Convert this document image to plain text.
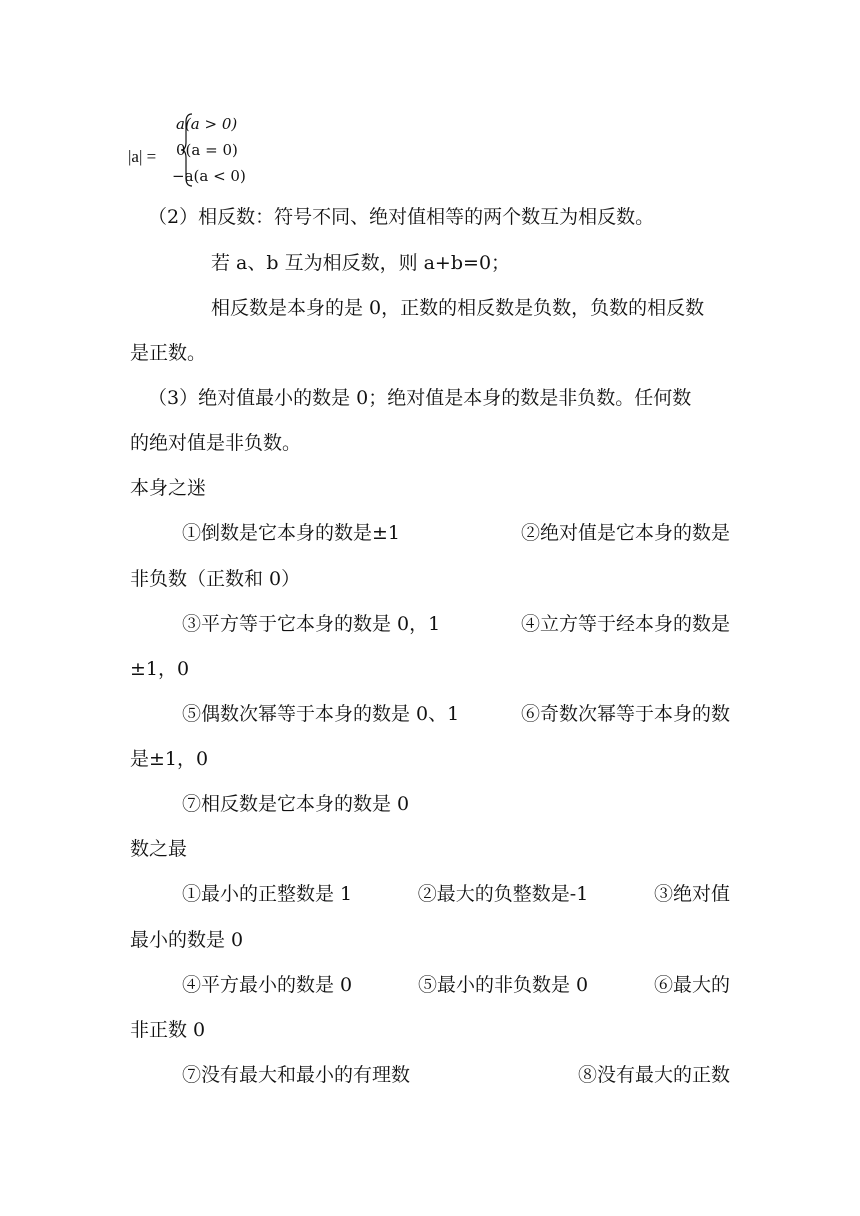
|a| =
a(a > 0)
0(a = 0)
−a(a < 0)
（2）相反数：符号不同、绝对值相等的两个数互为相反数。
若 a、b 互为相反数，则 a+b=0；
相反数是本身的是 0，正数的相反数是负数，负数的相反数
是正数。
（3）绝对值最小的数是 0；绝对值是本身的数是非负数。任何数
的绝对值是非负数。
本身之迷
①倒数是它本身的数是±1	②绝对值是它本身的数是
非负数（正数和 0）
③平方等于它本身的数是 0，1	④立方等于经本身的数是
±1，0
⑤偶数次幂等于本身的数是 0、1	⑥奇数次幂等于本身的数
是±1，0
⑦相反数是它本身的数是 0
数之最
①最小的正整数是 1	②最大的负整数是-1	③绝对值
最小的数是 0
④平方最小的数是 0	⑤最小的非负数是 0	⑥最大的
非正数 0
⑦没有最大和最小的有理数	⑧没有最大的正数
